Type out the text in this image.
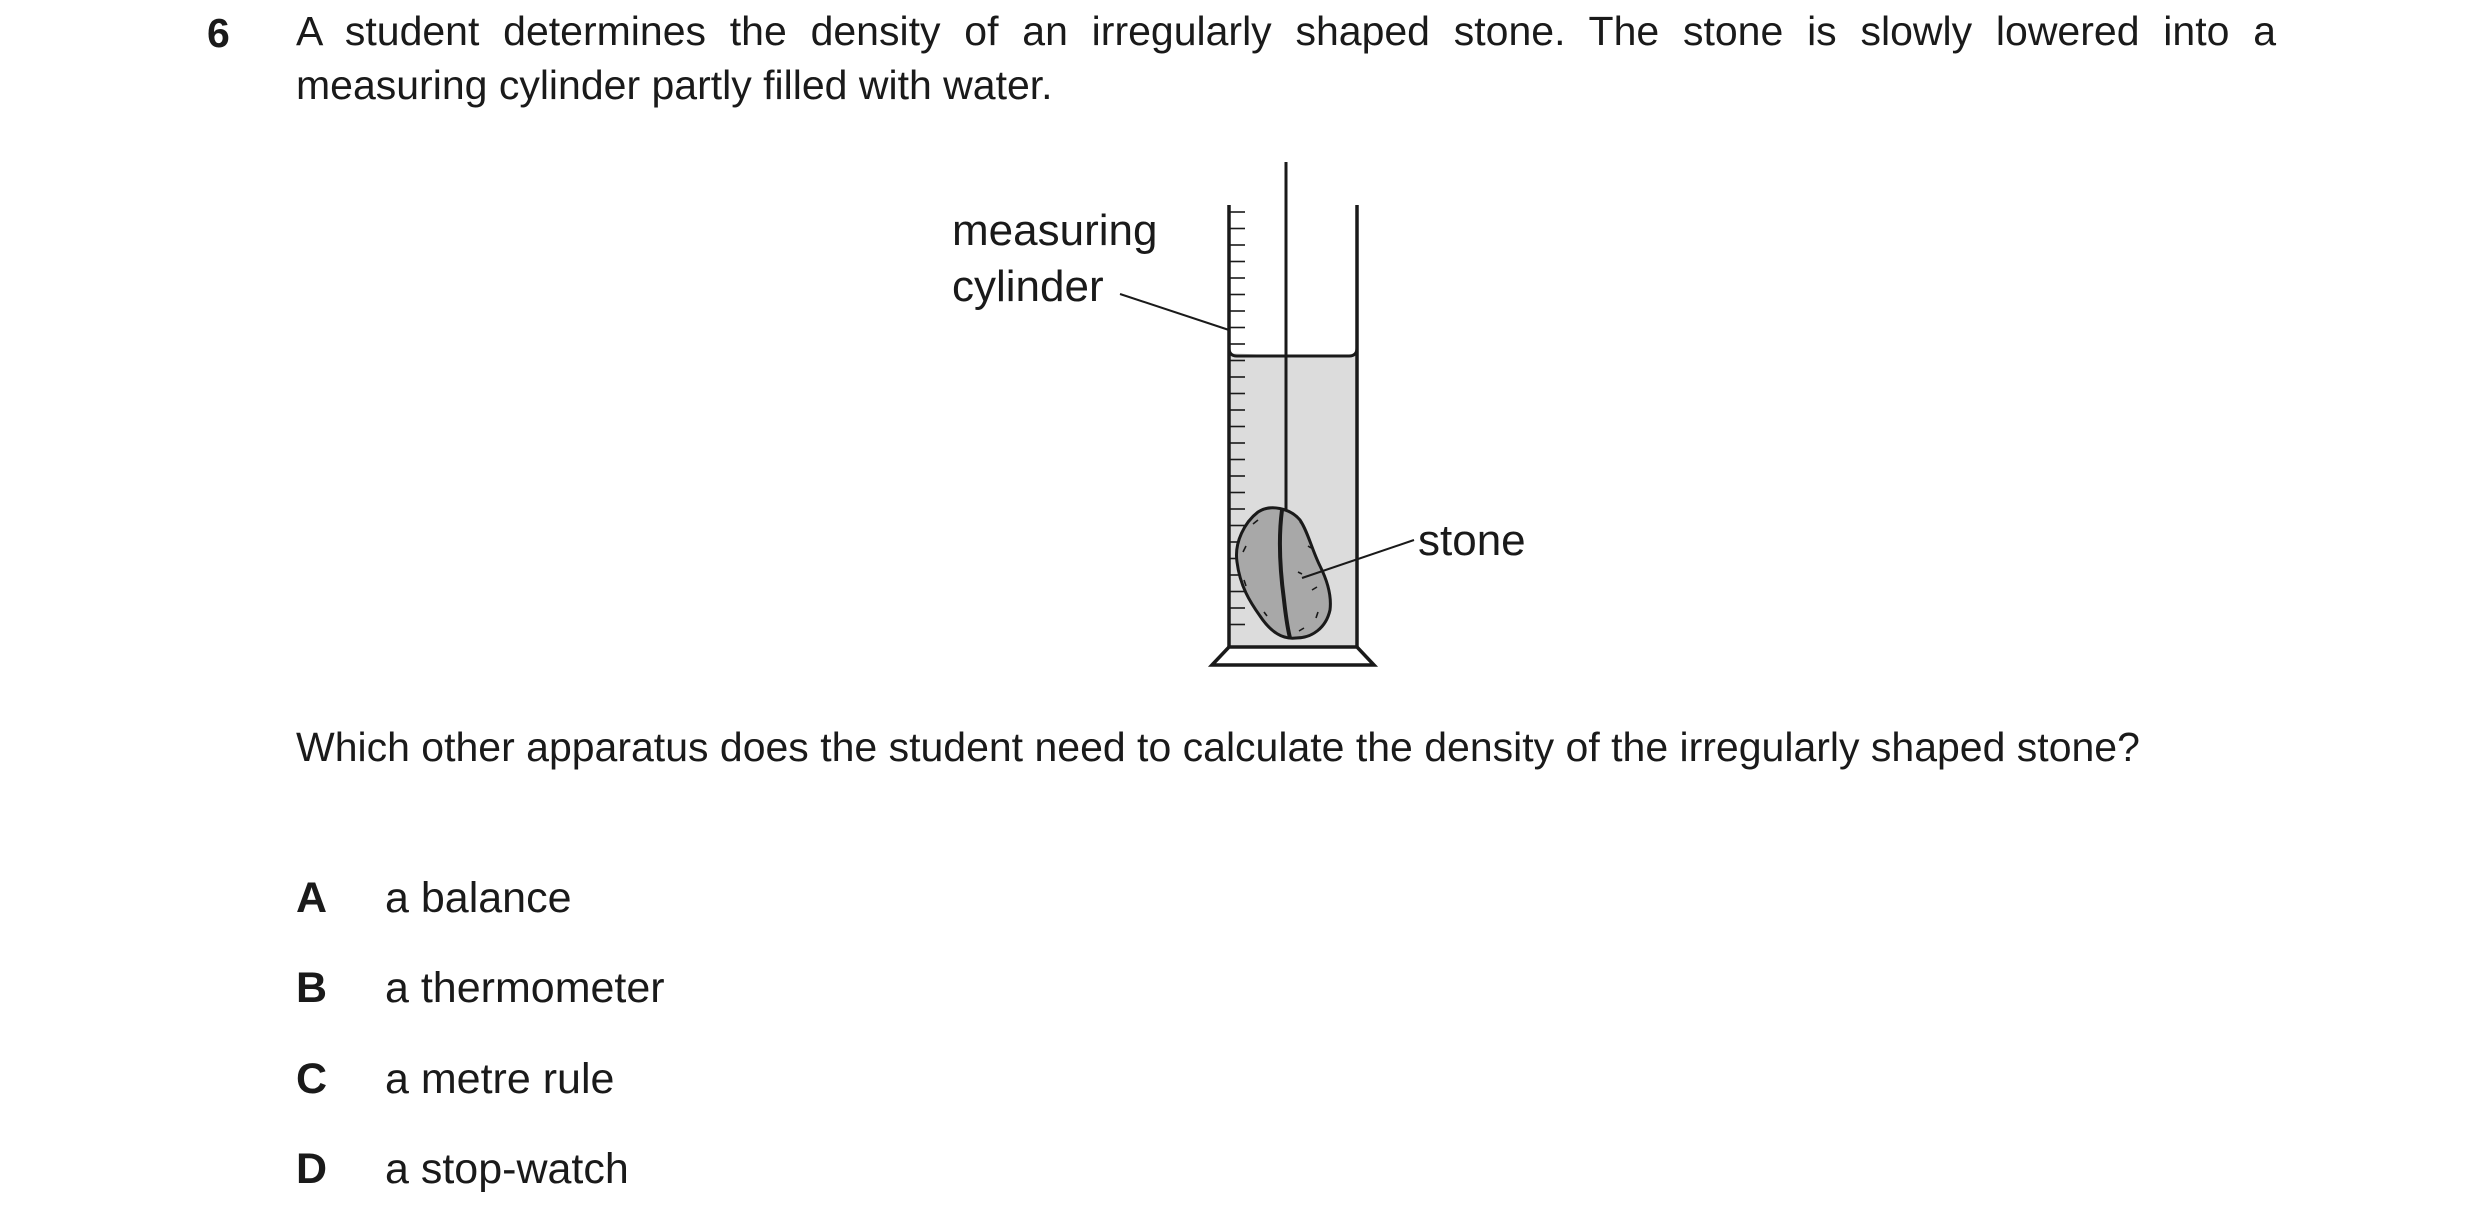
6 A student determines the density of an irregularly shaped stone. The stone is slowly lowered into a measuring cylinder partly filled with water.
measuring
cylinder
stone
Which other apparatus does the student need to calculate the density of the irregularly shaped stone?
A a balance
B a thermometer
C a metre rule
D a stop-watch
